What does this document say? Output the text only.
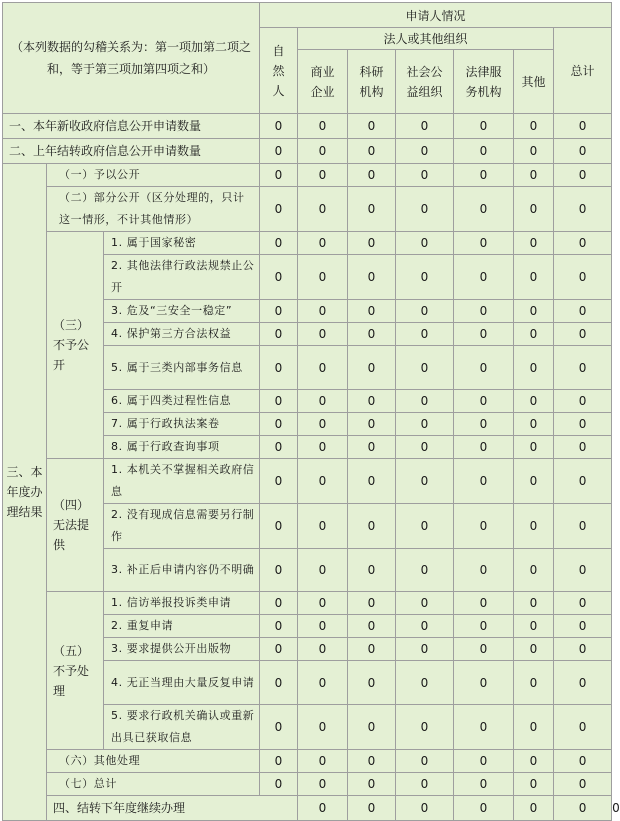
（本列数据的勾稽关系为：第一项加第二项之和，等于第三项加第四项之和）			申请人情况							
			自然人	法人或其他组织					总计	
				商业企业	科研机构	社会公益组织	法律服务机构	其他		
一、本年新收政府信息公开申请数量			0	0	0	0	0	0	0	
二、上年结转政府信息公开申请数量			0	0	0	0	0	0	0	
三、本年度办理结果	（一）予以公开		0	0	0	0	0	0	0	
	（二）部分公开（区分处理的，只计这一情形，不计其他情形）		0	0	0	0	0	0	0	
	（三）不予公开	1. 属于国家秘密	0	0	0	0	0	0	0	
		2. 其他法律行政法规禁止公开	0	0	0	0	0	0	0	
		3. 危及“三安全一稳定”	0	0	0	0	0	0	0	
		4. 保护第三方合法权益	0	0	0	0	0	0	0	
		5. 属于三类内部事务信息	0	0	0	0	0	0	0	
		6. 属于四类过程性信息	0	0	0	0	0	0	0	
		7. 属于行政执法案卷	0	0	0	0	0	0	0	
		8. 属于行政查询事项	0	0	0	0	0	0	0	
	（四）无法提供	1. 本机关不掌握相关政府信息	0	0	0	0	0	0	0	
		2. 没有现成信息需要另行制作	0	0	0	0	0	0	0	
		3. 补正后申请内容仍不明确	0	0	0	0	0	0	0	
	（五）不予处理	1. 信访举报投诉类申请	0	0	0	0	0	0	0	
		2. 重复申请	0	0	0	0	0	0	0	
		3. 要求提供公开出版物	0	0	0	0	0	0	0	
		4. 无正当理由大量反复申请	0	0	0	0	0	0	0	
		5. 要求行政机关确认或重新出具已获取信息	0	0	0	0	0	0	0	
	（六）其他处理		0	0	0	0	0	0	0	
	（七）总计		0	0	0	0	0	0	0	
	四、结转下年度继续办理			0	0	0	0	0	0	0
